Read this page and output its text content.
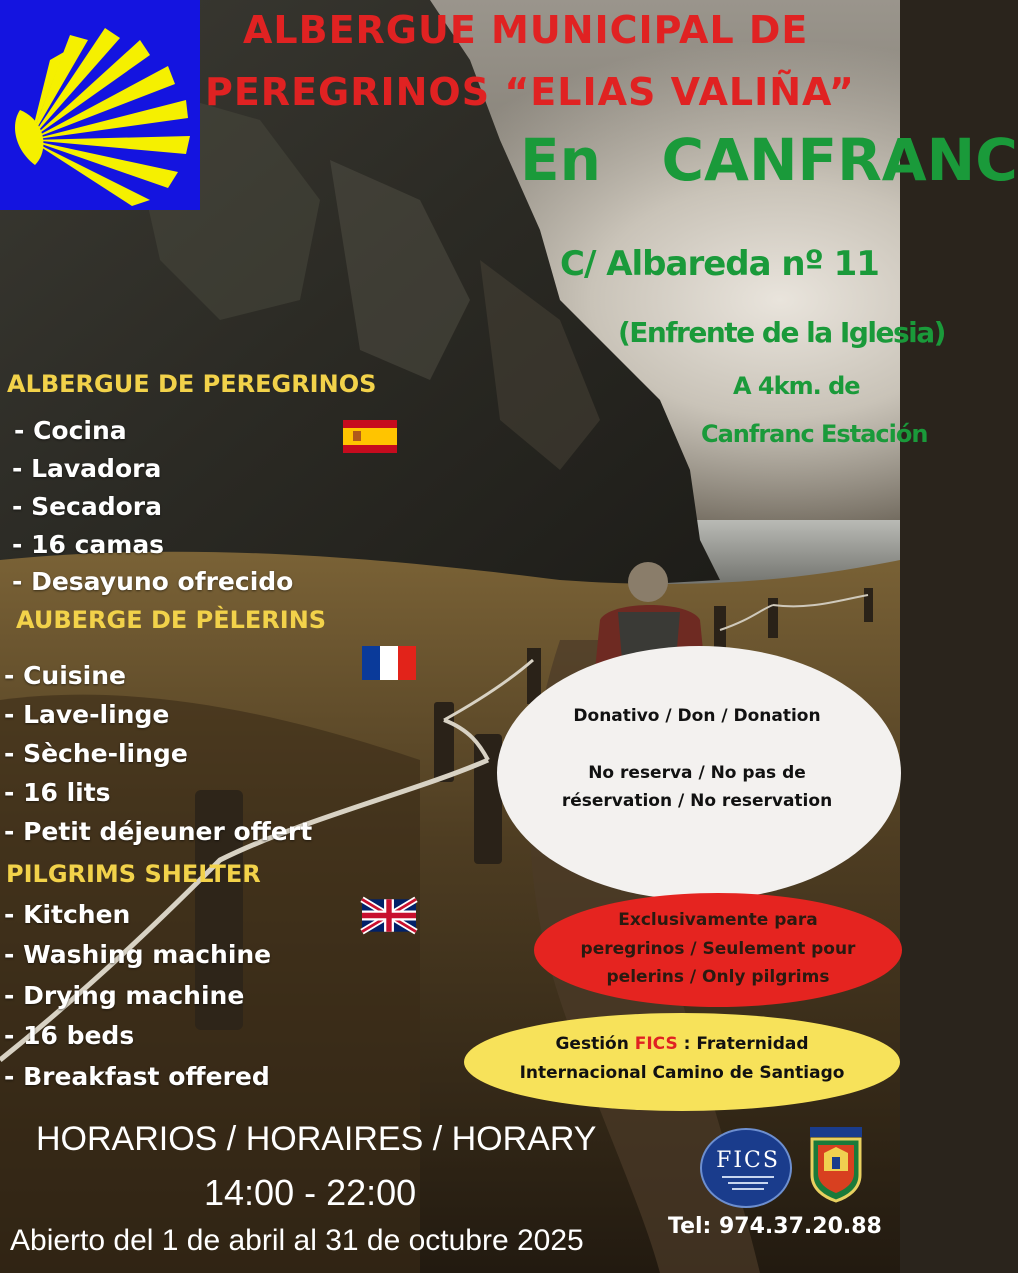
ALBERGUE MUNICIPAL DE
PEREGRINOS “ELIAS VALIÑA”
En   CANFRANC
C/ Albareda nº 11
(Enfrente de la Iglesia)
A 4km. de
Canfranc Estación
ALBERGUE DE PEREGRINOS
- Cocina
- Lavadora
- Secadora
- 16 camas
- Desayuno ofrecido
AUBERGE DE PÈLERINS
- Cuisine
- Lave-linge
- Sèche-linge
- 16 lits
- Petit déjeuner offert
PILGRIMS SHELTER
- Kitchen
- Washing machine
- Drying machine
- 16 beds
- Breakfast offered
Donativo / Don / Donation
No reserva / No pas de
réservation / No reservation
Exclusivamente para
peregrinos / Seulement pour
pelerins / Only pilgrims
Gestión FICS : Fraternidad
Internacional Camino de Santiago
HORARIOS / HORAIRES / HORARY
14:00 - 22:00
Abierto del 1 de abril al 31 de octubre 2025	Tel: 974.37.20.88
FICS
